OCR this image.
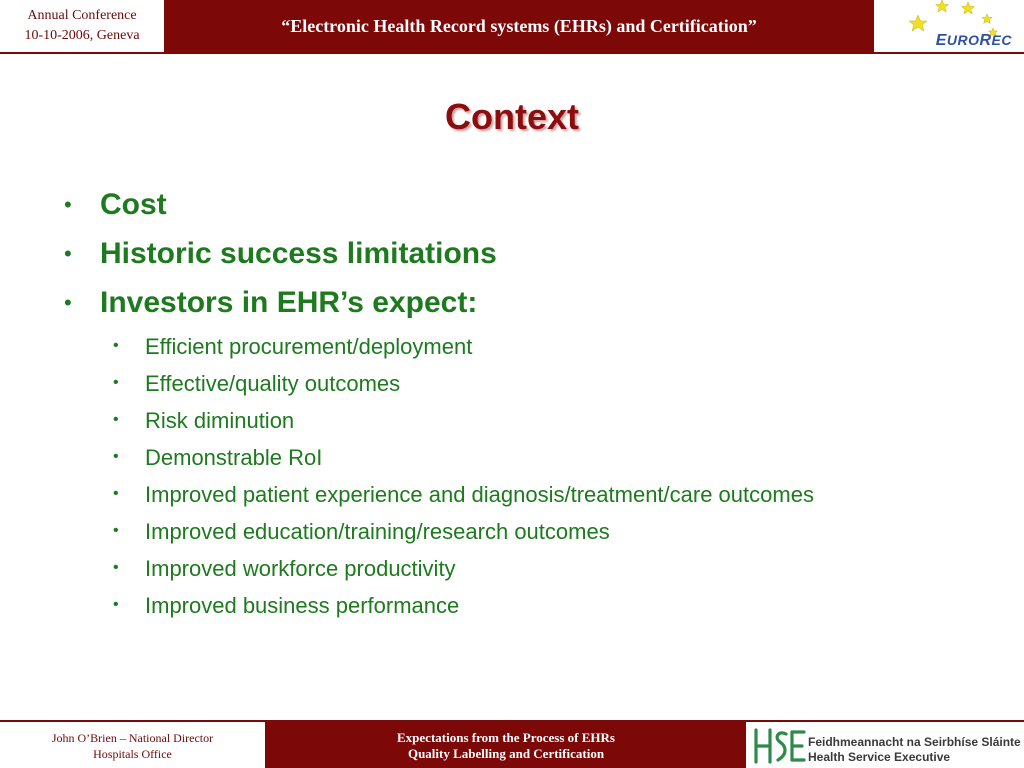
Annual Conference
10-10-2006, Geneva	“Electronic Health Record systems (EHRs) and Certification”
EUROREC
Context
• Cost
• Historic success limitations
• Investors in EHR’s expect:
• Efficient procurement/deployment
• Effective/quality outcomes
• Risk diminution
• Demonstrable RoI
• Improved patient experience and diagnosis/treatment/care outcomes
• Improved education/training/research outcomes
• Improved workforce productivity
• Improved business performance
John O’Brien – National Director
Hospitals Office
Expectations from the Process of EHRs
Quality Labelling and Certification
Feidhmeannacht na Seirbhíse Sláinte
Health Service Executive
